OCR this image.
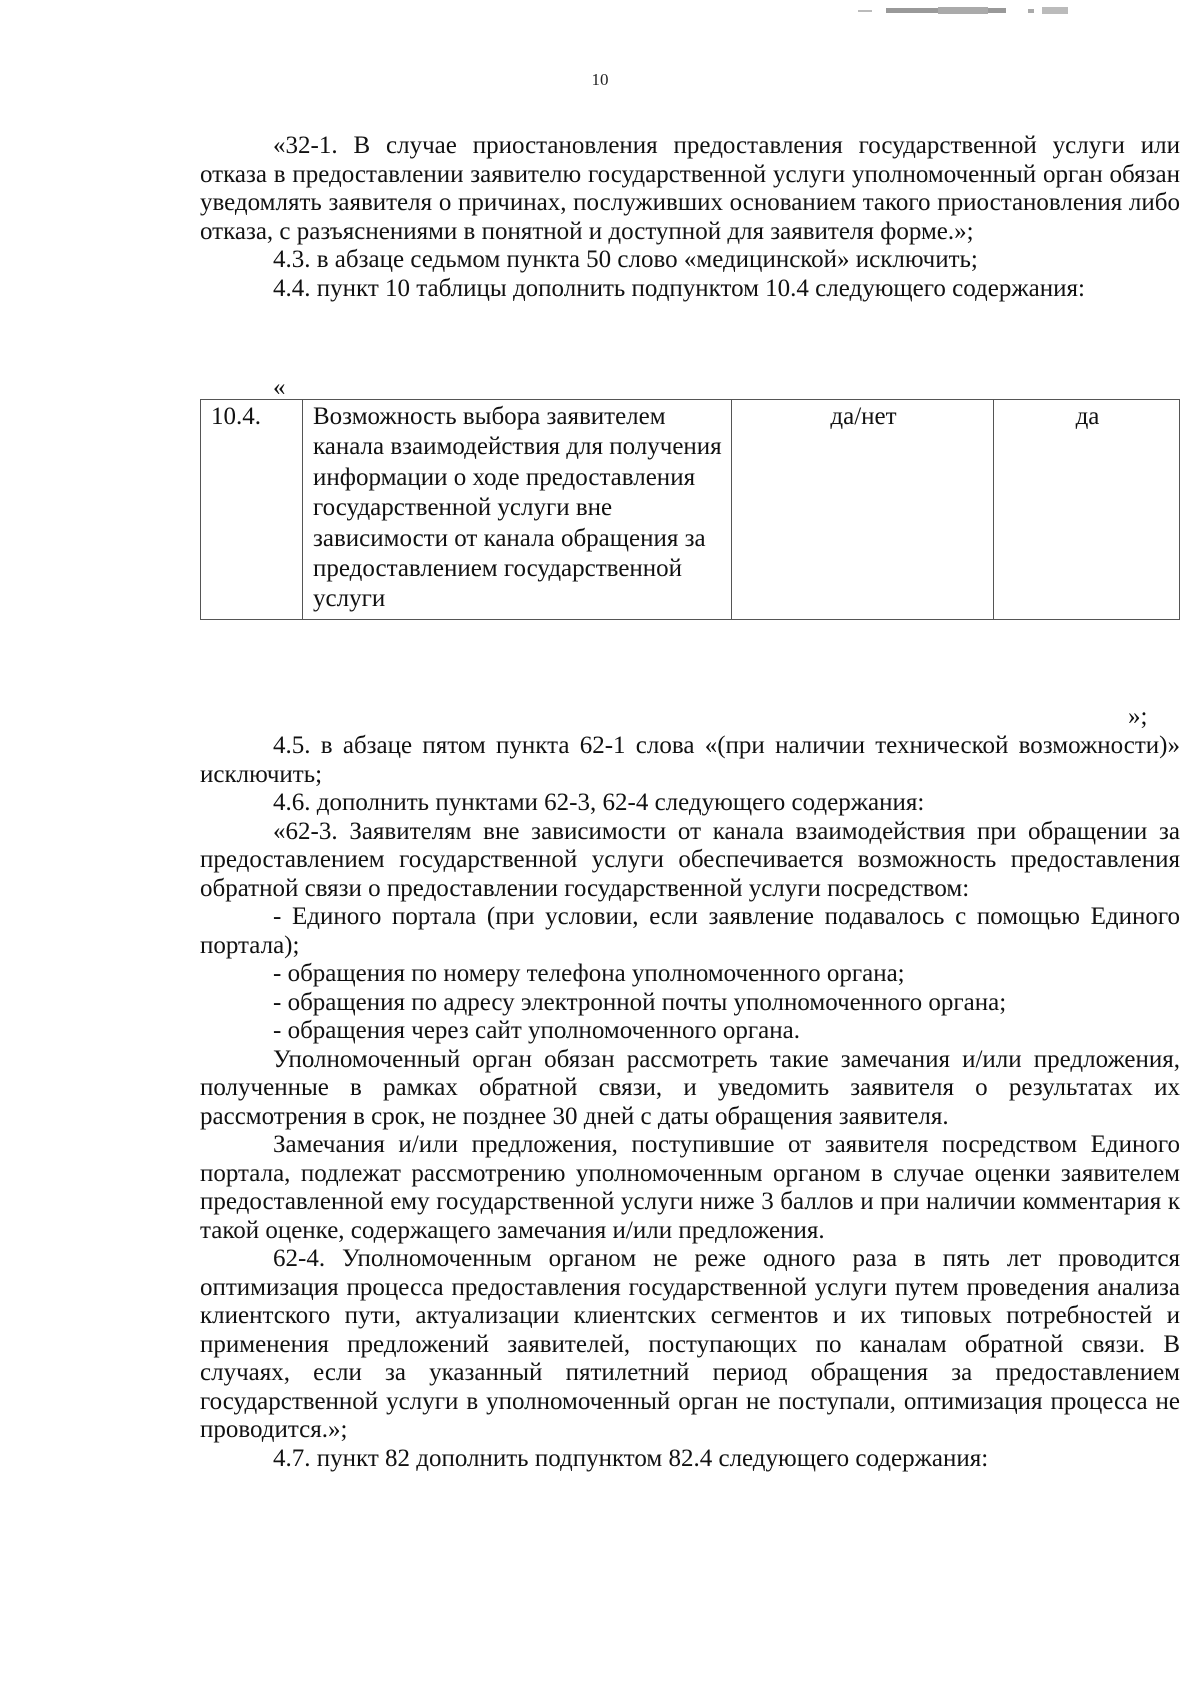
10

«32-1. В случае приостановления предоставления государственной услуги или отказа в предоставлении заявителю государственной услуги уполномоченный орган обязан уведомлять заявителя о причинах, послуживших основанием такого приостановления либо отказа, с разъяснениями в понятной и доступной для заявителя форме.»;

4.3. в абзаце седьмом пункта 50 слово «медицинской» исключить;

4.4. пункт 10 таблицы дополнить подпунктом 10.4 следующего содержания:

«
10.4.	Возможность выбора заявителем канала взаимодействия для получения информации о ходе предоставления государственной услуги вне зависимости от канала обращения за предоставлением государственной услуги	да/нет	да
»;

4.5. в абзаце пятом пункта 62-1 слова «(при наличии технической возможности)» исключить;

4.6. дополнить пунктами 62-3, 62-4 следующего содержания:

«62-3. Заявителям вне зависимости от канала взаимодействия при обращении за предоставлением государственной услуги обеспечивается возможность предоставления обратной связи о предоставлении государственной услуги посредством:

- Единого портала (при условии, если заявление подавалось с помощью Единого портала);

- обращения по номеру телефона уполномоченного органа;

- обращения по адресу электронной почты уполномоченного органа;

- обращения через сайт уполномоченного органа.

Уполномоченный орган обязан рассмотреть такие замечания и/или предложения, полученные в рамках обратной связи, и уведомить заявителя о результатах их рассмотрения в срок, не позднее 30 дней с даты обращения заявителя.

Замечания и/или предложения, поступившие от заявителя посредством Единого портала, подлежат рассмотрению уполномоченным органом в случае оценки заявителем предоставленной ему государственной услуги ниже 3 баллов и при наличии комментария к такой оценке, содержащего замечания и/или предложения.

62-4. Уполномоченным органом не реже одного раза в пять лет проводится оптимизация процесса предоставления государственной услуги путем проведения анализа клиентского пути, актуализации клиентских сегментов и их типовых потребностей и применения предложений заявителей, поступающих по каналам обратной связи. В случаях, если за указанный пятилетний период обращения за предоставлением государственной услуги в уполномоченный орган не поступали, оптимизация процесса не проводится.»;

4.7. пункт 82 дополнить подпунктом 82.4 следующего содержания:
